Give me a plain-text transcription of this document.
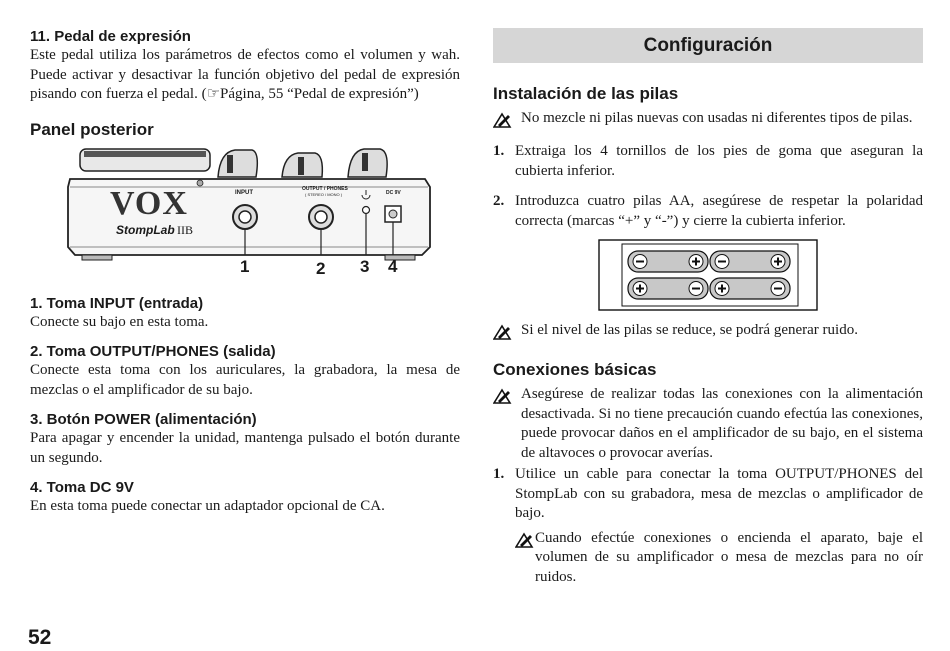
11. Pedal de expresión

Este pedal utiliza los parámetros de efectos como el volumen y wah. Puede activar y desactivar la función objetivo del pedal de expresión pisando con fuerza el pedal. (☞Página, 55 “Pedal de expresión”)

Panel posterior
VOX
StompLab IIB
INPUT
OUTPUT / PHONES
( STEREO / MONO )	DC 9V
1	2 3 4
1. Toma INPUT (entrada)

Conecte su bajo en esta toma.

2. Toma OUTPUT/PHONES (salida)

Conecte esta toma con los auriculares, la grabadora, la mesa de mezclas o el amplificador de su bajo.

3. Botón POWER (alimentación)

Para apagar y encender la unidad, mantenga pulsado el botón durante un segundo.

4. Toma DC 9V

En esta toma puede conectar un adaptador opcional de CA.

Configuración
Instalación de las pilas

No mezcle ni pilas nuevas con usadas ni diferentes tipos de pilas.

1. Extraiga los 4 tornillos de los pies de goma que aseguran la cubierta inferior.

2. Introduzca cuatro pilas AA, asegúrese de respetar la polaridad correcta (marcas “+” y “-”) y cierre la cubierta inferior.

Si el nivel de las pilas se reduce, se podrá generar ruido.

Conexiones básicas

Asegúrese de realizar todas las conexiones con la alimentación desactivada. Si no tiene precaución cuando efectúa las conexiones, puede provocar daños en el amplificador de su bajo, en el sistema de altavoces o provocar averías.

1. Utilice un cable para conectar la toma OUTPUT/PHONES del StompLab con su grabadora, mesa de mezclas o amplificador de bajo.

Cuando efectúe conexiones o encienda el aparato, baje el volumen de su amplificador o mesa de mezclas para no oír ruidos.

52
